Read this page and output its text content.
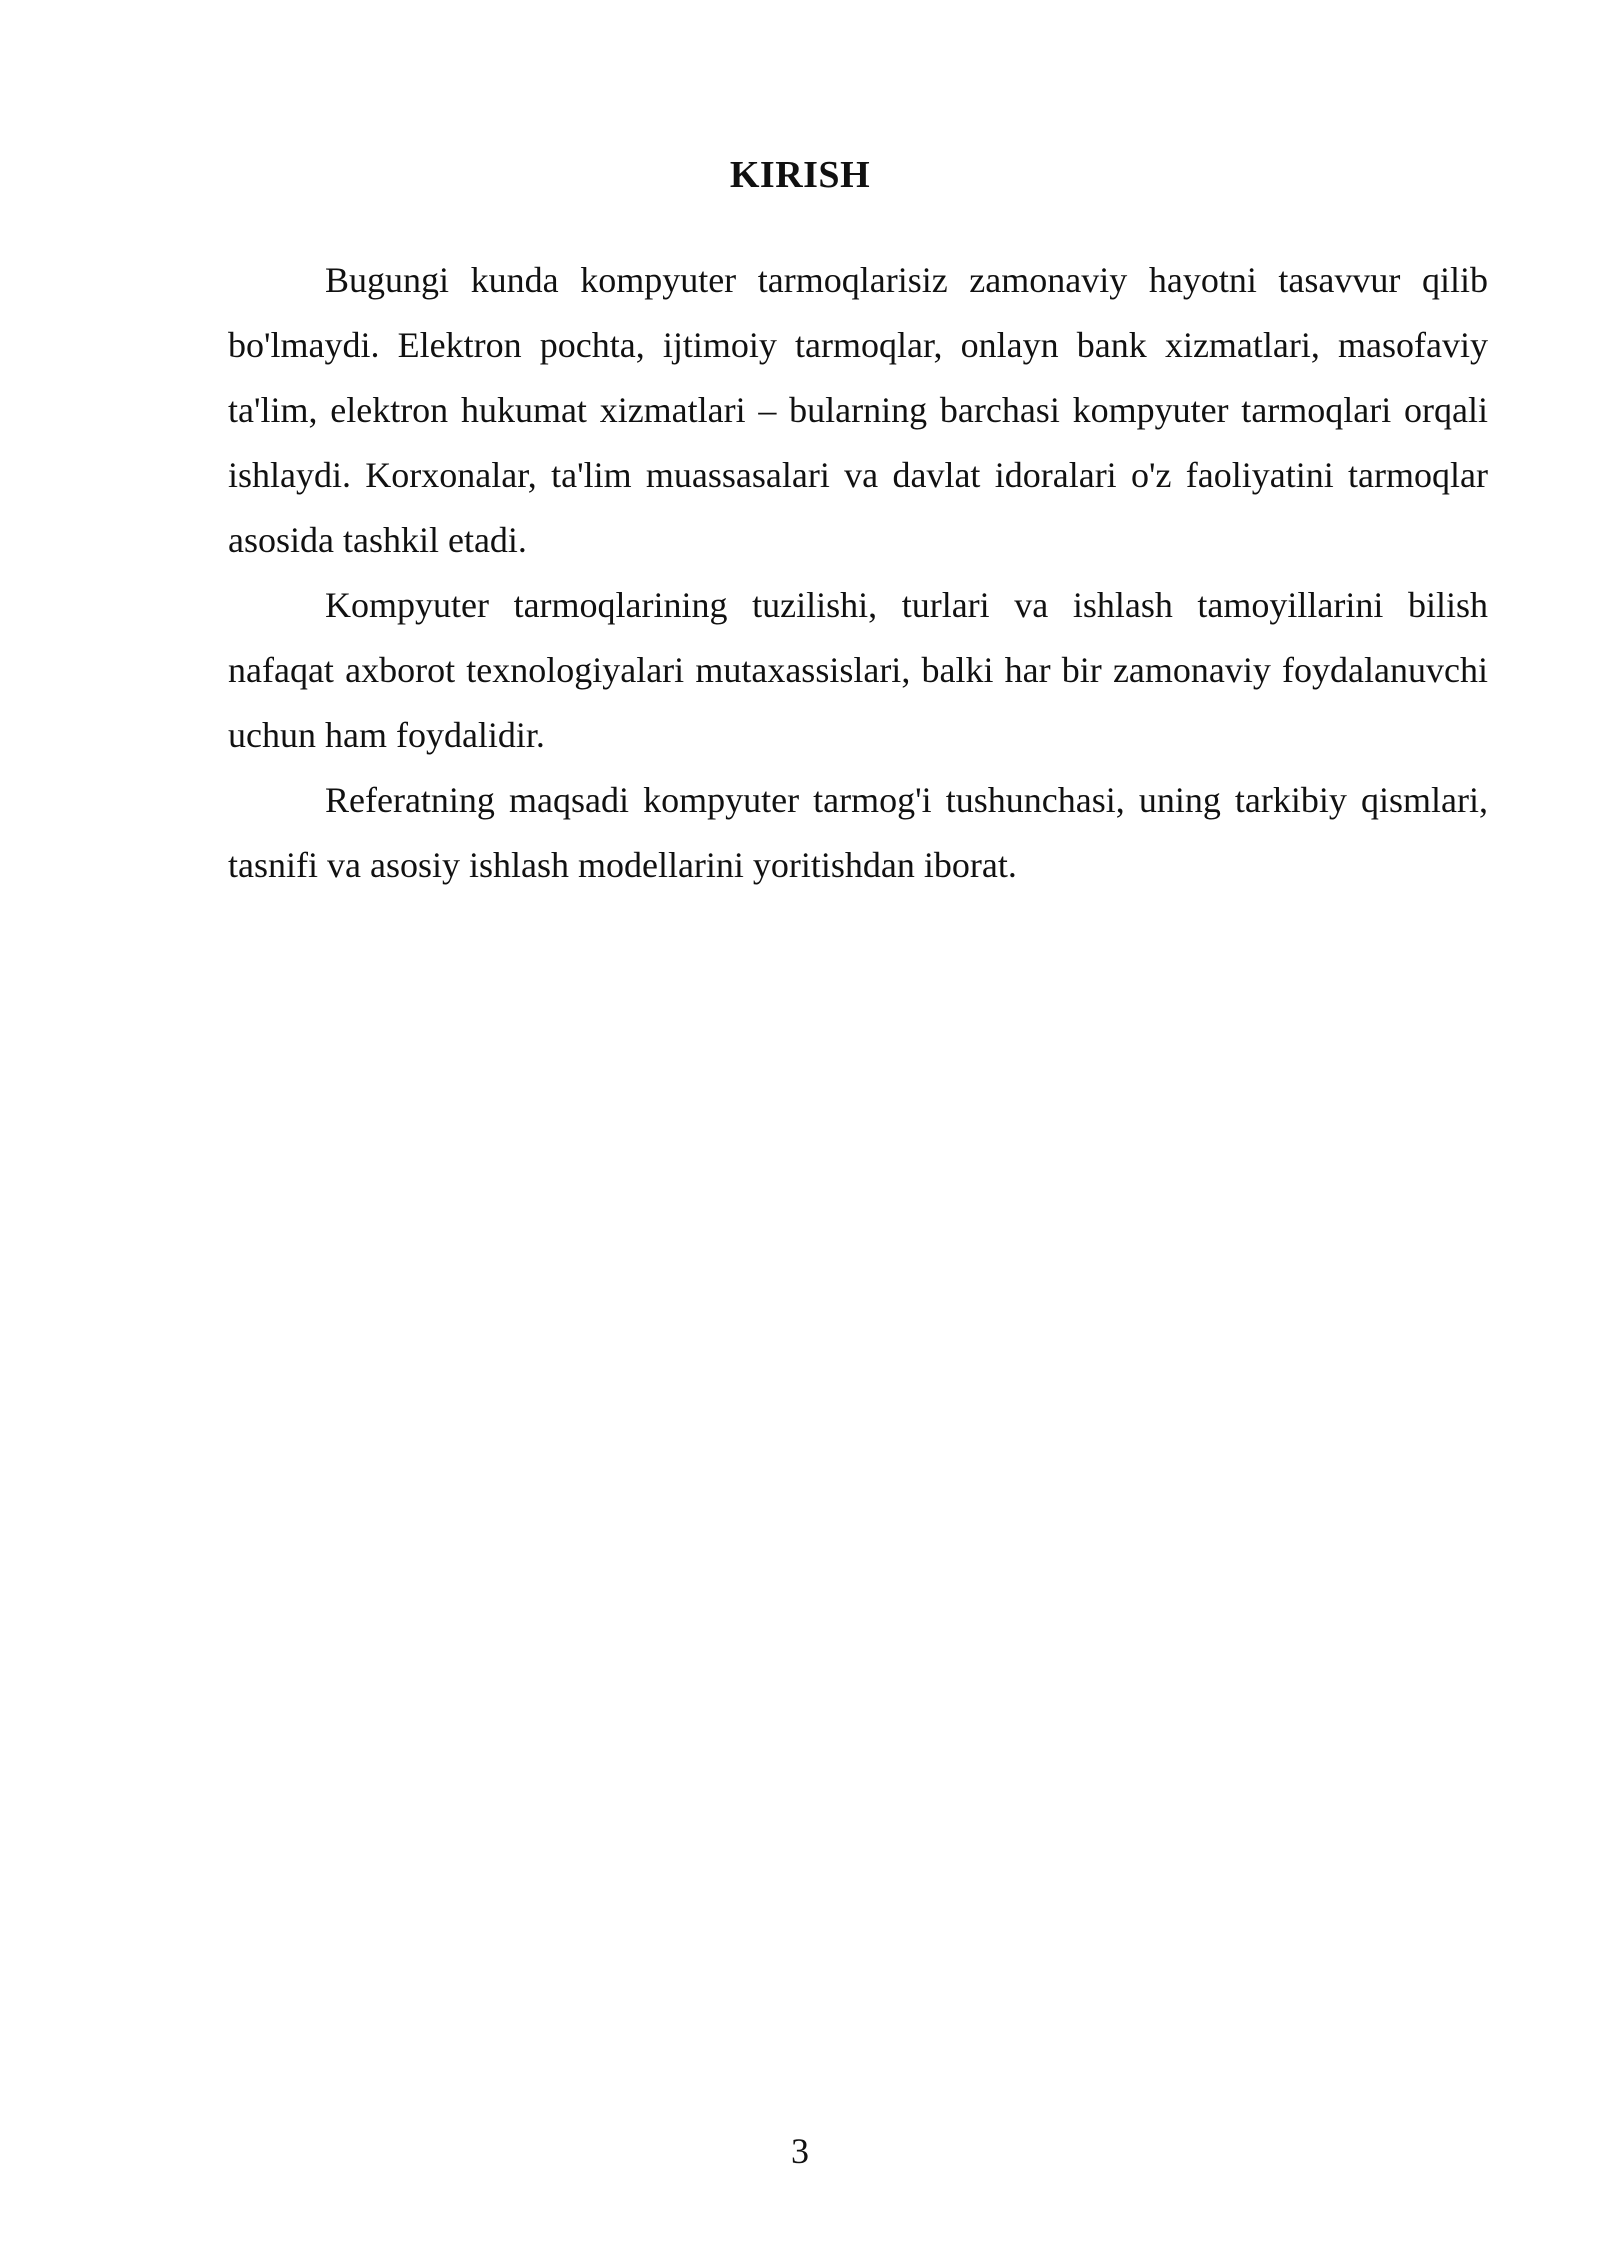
KIRISH

Bugungi kunda kompyuter tarmoqlarisiz zamonaviy hayotni tasavvur qilib bo'lmaydi. Elektron pochta, ijtimoiy tarmoqlar, onlayn bank xizmatlari, masofaviy ta'lim, elektron hukumat xizmatlari – bularning barchasi kompyuter tarmoqlari orqali ishlaydi. Korxonalar, ta'lim muassasalari va davlat idoralari o'z faoliyatini tarmoqlar asosida tashkil etadi.

Kompyuter tarmoqlarining tuzilishi, turlari va ishlash tamoyillarini bilish nafaqat axborot texnologiyalari mutaxassislari, balki har bir zamonaviy foydalanuvchi uchun ham foydalidir.

Referatning maqsadi kompyuter tarmog'i tushunchasi, uning tarkibiy qismlari, tasnifi va asosiy ishlash modellarini yoritishdan iborat.

3
